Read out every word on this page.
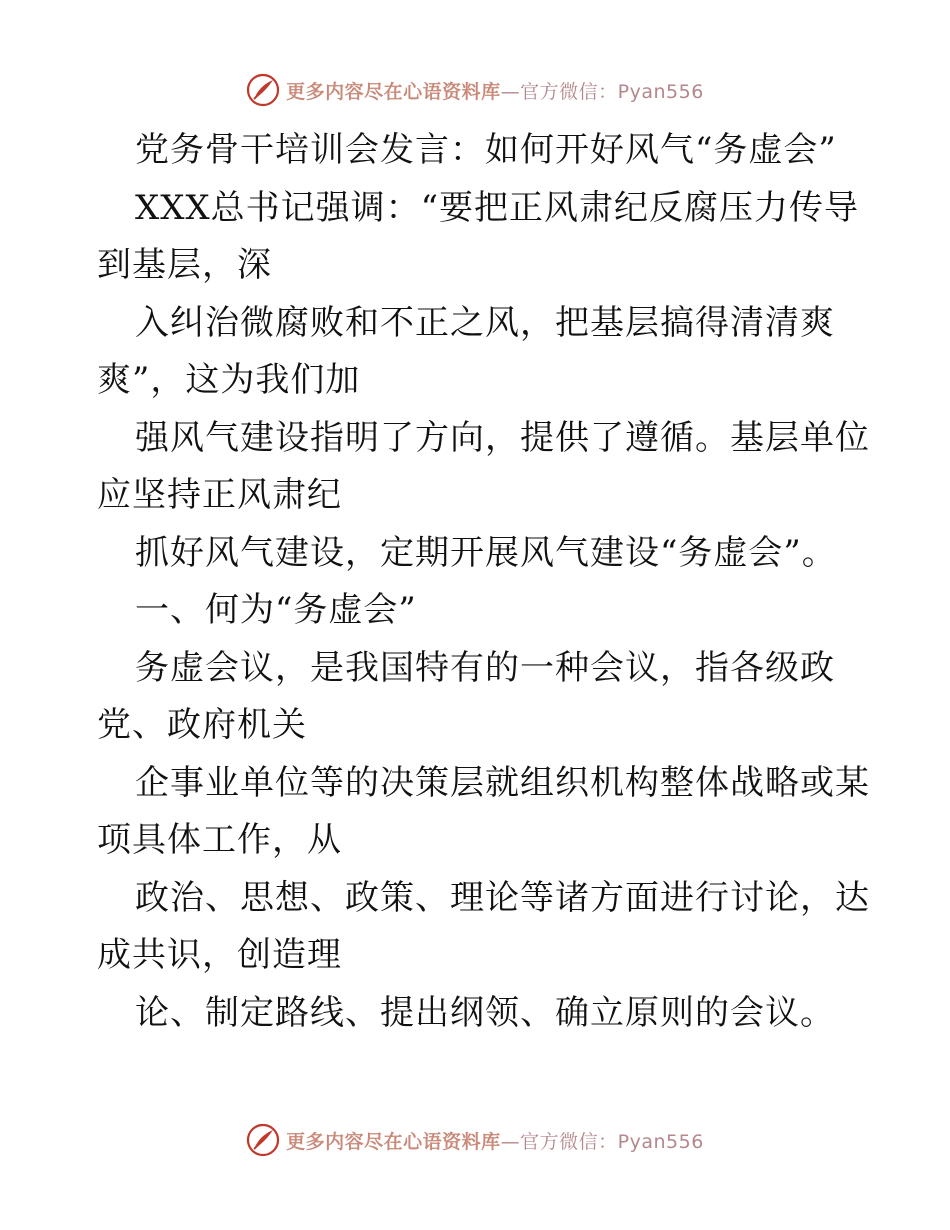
更多内容尽在心语资料库 —官方微信：Pyan556
党务骨干培训会发言：如何开好风气“务虚会”
XXX总书记强调：“要把正风肃纪反腐压力传导
到基层，深
入纠治微腐败和不正之风，把基层搞得清清爽
爽”，这为我们加
强风气建设指明了方向，提供了遵循。基层单位
应坚持正风肃纪
抓好风气建设，定期开展风气建设“务虚会”。
一、何为“务虚会”
务虚会议，是我国特有的一种会议，指各级政
党、政府机关
企事业单位等的决策层就组织机构整体战略或某
项具体工作，从
政治、思想、政策、理论等诸方面进行讨论，达
成共识，创造理
论、制定路线、提出纲领、确立原则的会议。
更多内容尽在心语资料库 —官方微信：Pyan556
